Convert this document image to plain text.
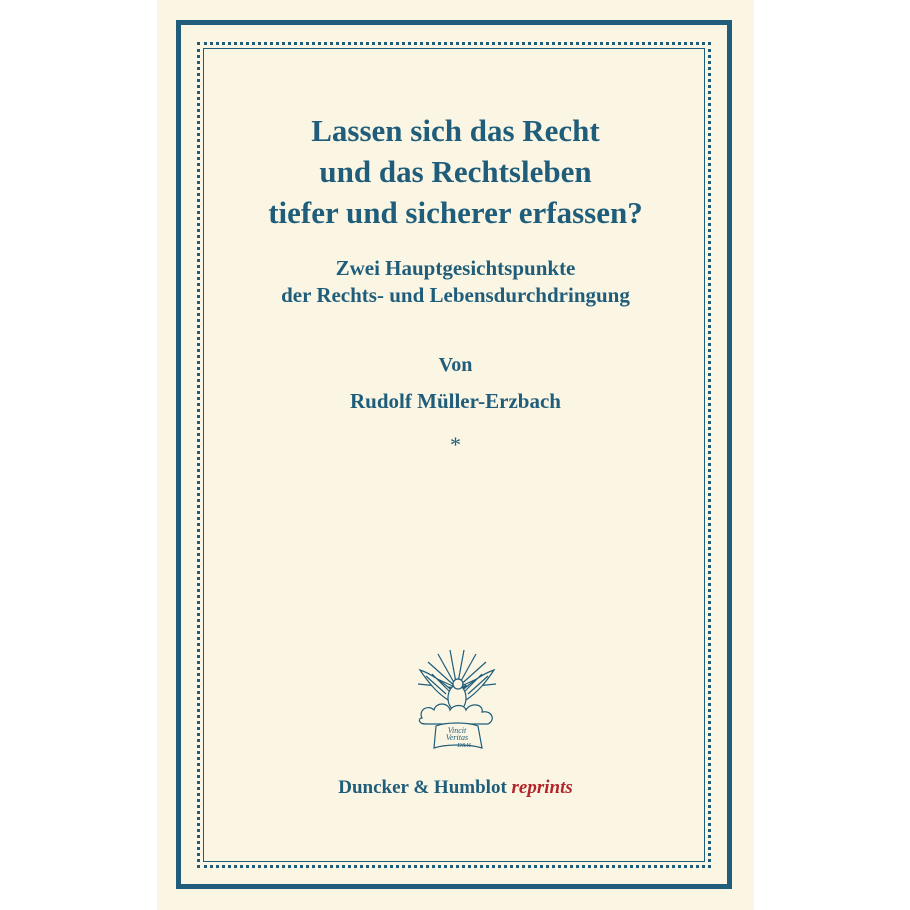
Lassen sich das Recht
und das Rechtsleben
tiefer und sicherer erfassen?
Zwei Hauptgesichtspunkte
der Rechts- und Lebensdurchdringung
Von
Rudolf Müller-Erzbach
*
Vincit
Veritas
D&H
Duncker & Humblot reprints
